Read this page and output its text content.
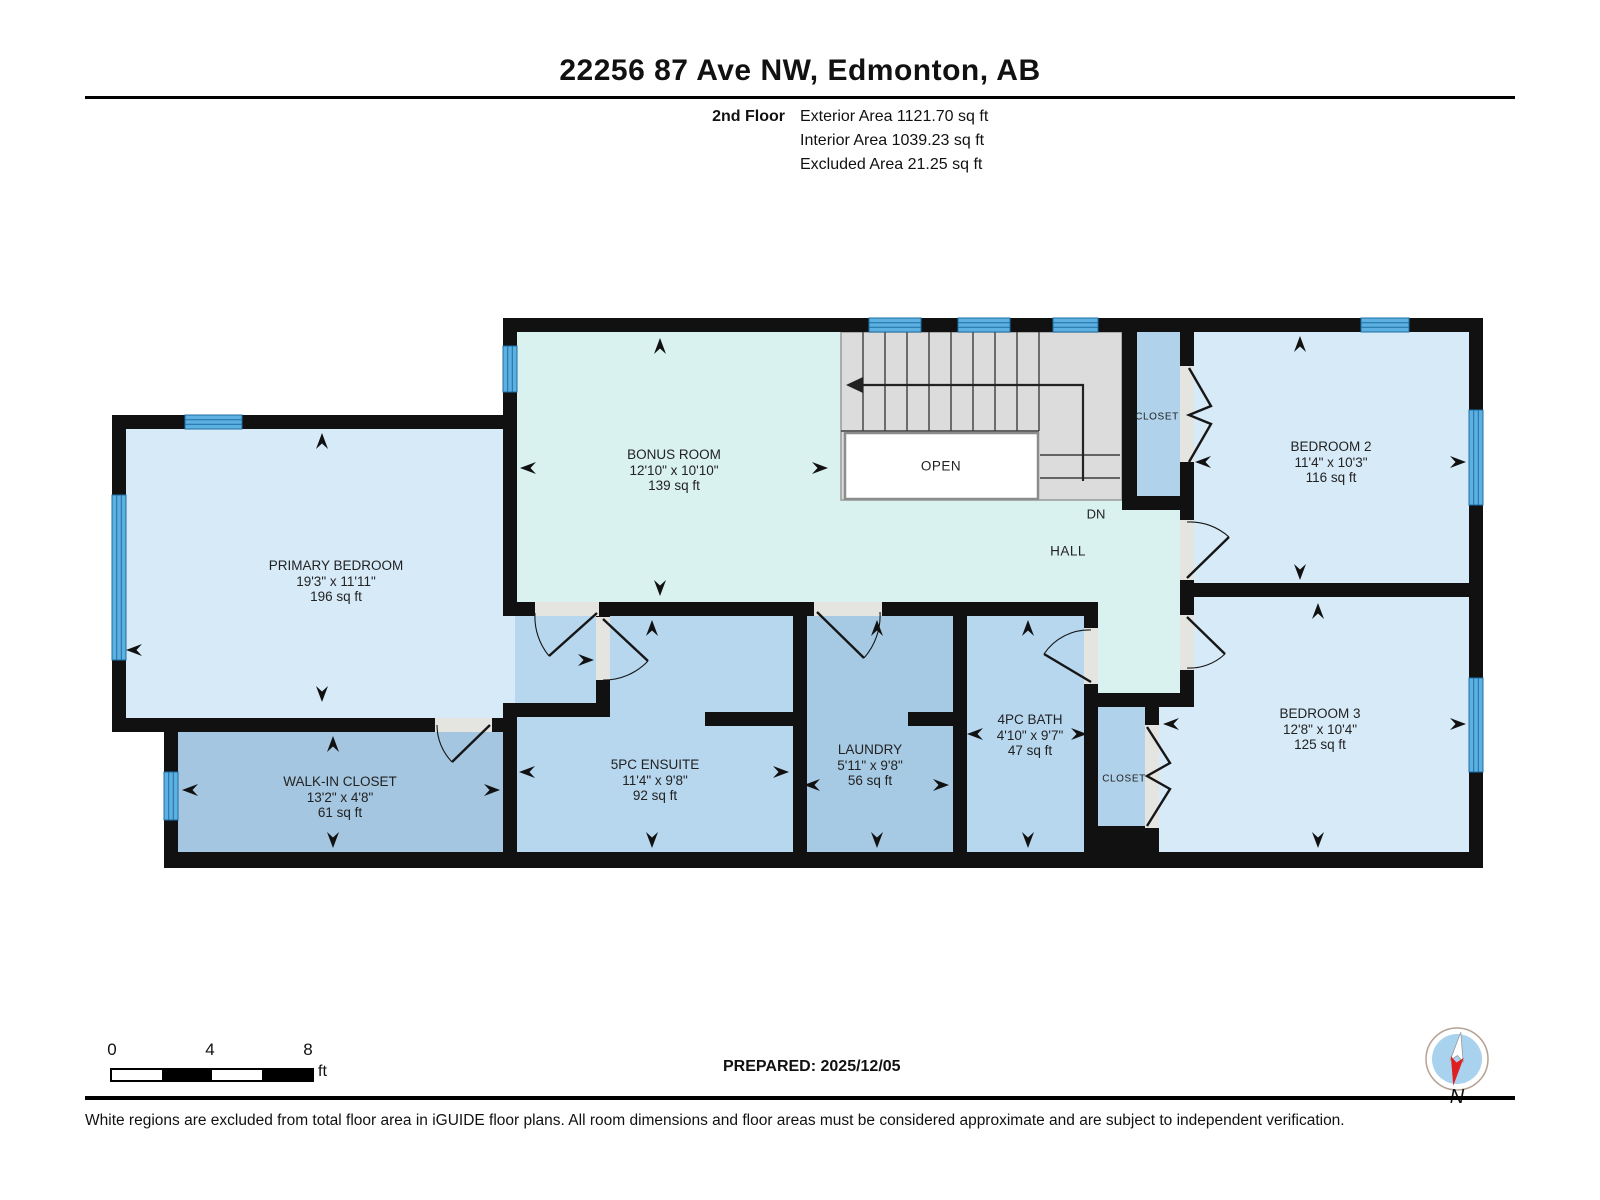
22256 87 Ave NW, Edmonton, AB
2nd Floor Exterior Area 1121.70 sq ft
Interior Area 1039.23 sq ft
Excluded Area 21.25 sq ft
PRIMARY BEDROOM
19'3" x 11'11"
196 sq ft
BONUS ROOM
12'10" x 10'10"
139 sq ft
BEDROOM 2
11'4" x 10'3"
116 sq ft
BEDROOM 3
12'8" x 10'4"
125 sq ft
WALK-IN CLOSET
13'2" x 4'8"
61 sq ft
5PC ENSUITE
11'4" x 9'8"
92 sq ft
LAUNDRY
5'11" x 9'8"
56 sq ft
4PC BATH
4'10" x 9'7"
47 sq ft
CLOSET
CLOSET
OPEN
DN
HALL
0	4	8
ft	PREPARED: 2025/12/05
White regions are excluded from total floor area in iGUIDE floor plans. All room dimensions and floor areas must be considered approximate and are subject to independent verification.
